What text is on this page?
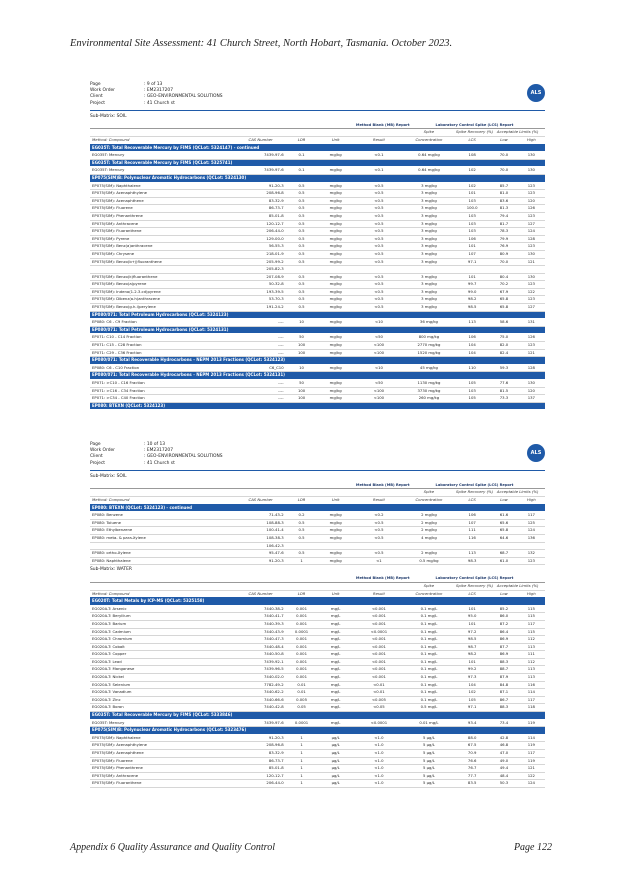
Environmental Site Assessment: 41 Church Street, North Hobart, Tasmania. October 2023.
Page	: 9 of 13
Work Order	: EM2317207
Client	: GEO-ENVIRONMENTAL SOLUTIONS
Project	: 41 Church st
ALS
Sub-Matrix: SOIL
				Method Blank (MB) Report	Laboratory Control Spike (LCS) Report			
					Spike	Spike Recovery (%)	Acceptable Limits (%)	
Method: Compound	CAS Number	LOR	Unit	Result	Concentration	LCS	Low	High
EG035T: Total Recoverable Mercury by FIMS (QCLot: 5324147) - continued								
EG035T: Mercury	7439-97-6	0.1	mg/kg	<0.1	0.64 mg/kg	108	70.0	130
EG035T: Total Recoverable Mercury by FIMS (QCLot: 5325741)								
EG035T: Mercury	7439-97-6	0.1	mg/kg	<0.1	0.64 mg/kg	102	70.0	130
EP075(SIM)B: Polynuclear Aromatic Hydrocarbons (QCLot: 5324130)								
EP075(SIM): Naphthalene	91-20-3	0.5	mg/kg	<0.5	3 mg/kg	102	85.7	123
EP075(SIM): Acenaphthylene	208-96-8	0.5	mg/kg	<0.5	3 mg/kg	101	81.0	123
EP075(SIM): Acenaphthene	83-32-9	0.5	mg/kg	<0.5	3 mg/kg	103	83.6	120
EP075(SIM): Fluorene	86-73-7	0.5	mg/kg	<0.5	3 mg/kg	100.0	81.3	126
EP075(SIM): Phenanthrene	85-01-8	0.5	mg/kg	<0.5	3 mg/kg	103	79.4	123
EP075(SIM): Anthracene	120-12-7	0.5	mg/kg	<0.5	3 mg/kg	103	81.7	127
EP075(SIM): Fluoranthene	206-44-0	0.5	mg/kg	<0.5	3 mg/kg	103	78.3	124
EP075(SIM): Pyrene	129-00-0	0.5	mg/kg	<0.5	3 mg/kg	106	79.9	128
EP075(SIM): Benz(a)anthracene	56-55-3	0.5	mg/kg	<0.5	3 mg/kg	101	76.9	123
EP075(SIM): Chrysene	218-01-9	0.5	mg/kg	<0.5	3 mg/kg	107	80.9	130
EP075(SIM): Benzo(b+j)fluoranthene	205-99-2	0.5	mg/kg	<0.5	3 mg/kg	97.1	70.0	121
	205-82-3							
EP075(SIM): Benzo(k)fluoranthene	207-08-9	0.5	mg/kg	<0.5	3 mg/kg	101	80.4	130
EP075(SIM): Benzo(a)pyrene	50-32-8	0.5	mg/kg	<0.5	3 mg/kg	99.7	70.2	123
EP075(SIM): Indeno(1.2.3.cd)pyrene	193-39-5	0.5	mg/kg	<0.5	3 mg/kg	99.0	67.9	122
EP075(SIM): Dibenz(a.h)anthracene	53-70-3	0.5	mg/kg	<0.5	3 mg/kg	98.2	65.8	123
EP075(SIM): Benzo(g.h.i)perylene	191-24-2	0.5	mg/kg	<0.5	3 mg/kg	98.5	65.8	127
EP080/071: Total Petroleum Hydrocarbons (QCLot: 5324123)								
EP080: C6 - C9 Fraction	----	10	mg/kg	<10	36 mg/kg	113	58.6	131
EP080/071: Total Petroleum Hydrocarbons (QCLot: 5324131)								
EP071: C10 - C14 Fraction	----	50	mg/kg	<50	800 mg/kg	106	75.0	126
EP071: C15 - C28 Fraction	----	100	mg/kg	<100	2770 mg/kg	104	82.0	123
EP071: C29 - C36 Fraction	----	100	mg/kg	<100	1520 mg/kg	104	82.4	121
EP080/071: Total Recoverable Hydrocarbons - NEPM 2013 Fractions (QCLot: 5324123)								
EP080: C6 - C10 Fraction	C6_C10	10	mg/kg	<10	45 mg/kg	110	59.3	128
EP080/071: Total Recoverable Hydrocarbons - NEPM 2013 Fractions (QCLot: 5324131)								
EP071: >C10 - C16 Fraction	----	50	mg/kg	<50	1130 mg/kg	105	77.6	130
EP071: >C16 - C34 Fraction	----	100	mg/kg	<100	3730 mg/kg	103	81.5	120
EP071: >C34 - C40 Fraction	----	100	mg/kg	<100	260 mg/kg	105	73.3	137
EP080: BTEXN (QCLot: 5324123)								
Page	: 10 of 13
Work Order	: EM2317207
Client	: GEO-ENVIRONMENTAL SOLUTIONS
Project	: 41 Church st
ALS
Sub-Matrix: SOIL
				Method Blank (MB) Report	Laboratory Control Spike (LCS) Report			
					Spike	Spike Recovery (%)	Acceptable Limits (%)	
Method: Compound	CAS Number	LOR	Unit	Result	Concentration	LCS	Low	High
EP080: BTEXN (QCLot: 5324123) - continued								
EP080: Benzene	71-43-2	0.2	mg/kg	<0.2	2 mg/kg	106	61.6	117
EP080: Toluene	108-88-3	0.5	mg/kg	<0.5	2 mg/kg	107	65.6	125
EP080: Ethylbenzene	100-41-4	0.5	mg/kg	<0.5	2 mg/kg	111	65.8	124
EP080: meta- & para-Xylene	108-38-3	0.5	mg/kg	<0.5	4 mg/kg	116	64.6	136
	106-42-3							
EP080: ortho-Xylene	95-47-6	0.5	mg/kg	<0.5	2 mg/kg	113	68.7	132
EP080: Naphthalene	91-20-3	1	mg/kg	<1	0.5 mg/kg	98.3	61.0	123
Sub-Matrix: WATER
				Method Blank (MB) Report	Laboratory Control Spike (LCS) Report			
					Spike	Spike Recovery (%)	Acceptable Limits (%)	
Method: Compound	CAS Number	LOR	Unit	Result	Concentration	LCS	Low	High
EG020T: Total Metals by ICP-MS (QCLot: 5325158)								
EG020A-T: Arsenic	7440-38-2	0.001	mg/L	<0.001	0.1 mg/L	101	85.2	115
EG020A-T: Beryllium	7440-41-7	0.001	mg/L	<0.001	0.1 mg/L	95.0	86.0	115
EG020A-T: Barium	7440-39-3	0.001	mg/L	<0.001	0.1 mg/L	101	87.2	117
EG020A-T: Cadmium	7440-43-9	0.0001	mg/L	<0.0001	0.1 mg/L	97.2	86.4	115
EG020A-T: Chromium	7440-47-3	0.001	mg/L	<0.001	0.1 mg/L	98.5	86.9	112
EG020A-T: Cobalt	7440-48-4	0.001	mg/L	<0.001	0.1 mg/L	98.7	87.7	113
EG020A-T: Copper	7440-50-8	0.001	mg/L	<0.001	0.1 mg/L	98.2	86.9	111
EG020A-T: Lead	7439-92-1	0.001	mg/L	<0.001	0.1 mg/L	101	88.3	112
EG020A-T: Manganese	7439-96-5	0.001	mg/L	<0.001	0.1 mg/L	99.2	88.7	113
EG020A-T: Nickel	7440-02-0	0.001	mg/L	<0.001	0.1 mg/L	97.3	87.9	113
EG020A-T: Selenium	7782-49-2	0.01	mg/L	<0.01	0.1 mg/L	104	84.8	116
EG020A-T: Vanadium	7440-62-2	0.01	mg/L	<0.01	0.1 mg/L	102	87.1	114
EG020A-T: Zinc	7440-66-6	0.005	mg/L	<0.005	0.1 mg/L	105	86.7	117
EG020A-T: Boron	7440-42-8	0.05	mg/L	<0.05	0.5 mg/L	97.1	88.3	118
EG035T: Total Recoverable Mercury by FIMS (QCLot: 5333846)								
EG035T: Mercury	7439-97-6	0.0001	mg/L	<0.0001	0.01 mg/L	93.4	73.4	119
EP075(SIM)B: Polynuclear Aromatic Hydrocarbons (QCLot: 5323476)								
EP075(SIM): Naphthalene	91-20-3	1	µg/L	<1.0	5 µg/L	88.0	42.8	114
EP075(SIM): Acenaphthylene	208-96-8	1	µg/L	<1.0	5 µg/L	67.5	46.8	119
EP075(SIM): Acenaphthene	83-32-9	1	µg/L	<1.0	5 µg/L	70.9	47.0	117
EP075(SIM): Fluorene	86-73-7	1	µg/L	<1.0	5 µg/L	76.6	49.0	119
EP075(SIM): Phenanthrene	85-01-8	1	µg/L	<1.0	5 µg/L	76.7	49.4	121
EP075(SIM): Anthracene	120-12-7	1	µg/L	<1.0	5 µg/L	77.7	48.4	122
EP075(SIM): Fluoranthene	206-44-0	1	µg/L	<1.0	5 µg/L	83.5	50.3	124
Appendix 6 Quality Assurance and Quality Control	Page 122
